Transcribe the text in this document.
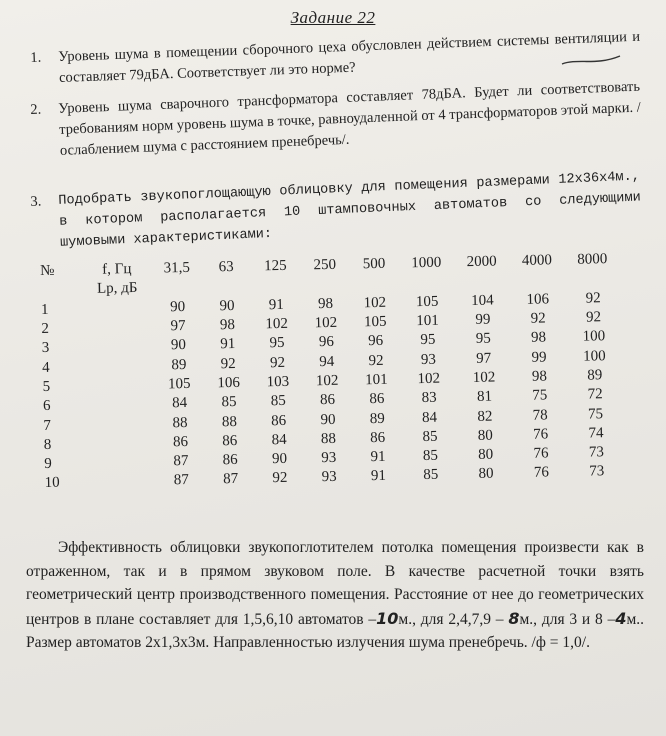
Задание 22
1. Уровень шума в помещении сборочного цеха обусловлен действием системы вентиляции и составляет 79дБА. Соответствует ли это норме?
2. Уровень шума сварочного трансформатора составляет 78дБА. Будет ли соответствовать требованиям норм уровень шума в точке, равноудаленной от 4 трансформаторов этой марки. /ослаблением шума с расстоянием пренебречь/.
3. Подобрать звукопоглощающую облицовку для помещения размерами 12х36х4м., в котором располагается 10 штамповочных автоматов со следующими шумовыми характеристиками:
№	f, Гц	31,5	63	125	250	500	1000	2000	4000	8000
	Lp, дБ									
1		90	90	91	98	102	105	104	106	92
2		97	98	102	102	105	101	99	92	92
3		90	91	95	96	96	95	95	98	100
4		89	92	92	94	92	93	97	99	100
5		105	106	103	102	101	102	102	98	89
6		84	85	85	86	86	83	81	75	72
7		88	88	86	90	89	84	82	78	75
8		86	86	84	88	86	85	80	76	74
9		87	86	90	93	91	85	80	76	73
10		87	87	92	93	91	85	80	76	73

Эффективность облицовки звукопоглотителем потолка помещения произвести как в отраженном, так и в прямом звуковом поле. В качестве расчетной точки взять геометрический центр производственного помещения. Расстояние от нее до геометрических центров в плане составляет для 1,5,6,10 автоматов –10м., для 2,4,7,9 – 8м., для 3 и 8 –4м.. Размер автоматов 2х1,3х3м. Направленностью излучения шума пренебречь. /ф = 1,0/.
